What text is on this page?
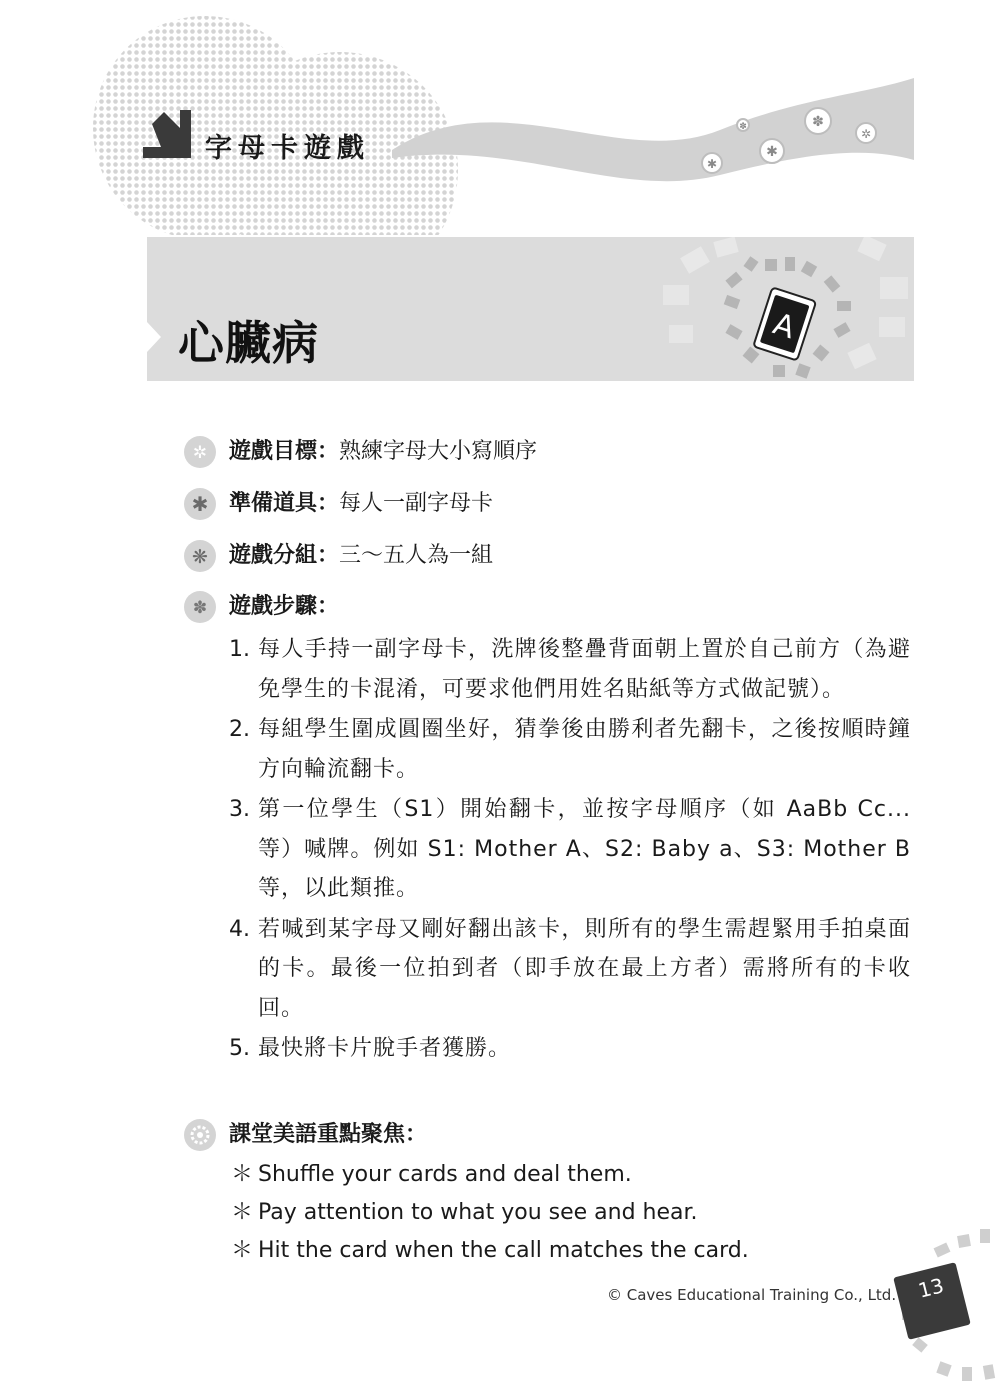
✽
✲
✱
✱
✽
字母卡遊戲
A
心臟病
✲ 遊戲目標：熟練字母大小寫順序
✱ 準備道具：每人一副字母卡
❋ 遊戲分組：三～五人為一組
✽ 遊戲步驟：
1. 每人手持一副字母卡，洗牌後整疊背面朝上置於自己前方（為避免學生的卡混淆，可要求他們用姓名貼紙等方式做記號）。
2. 每組學生圍成圓圈坐好，猜拳後由勝利者先翻卡，之後按順時鐘方向輪流翻卡。
3. 第一位學生（S1）開始翻卡，並按字母順序（如 AaBb Cc...等）喊牌。例如 S1: Mother A、S2: Baby a、S3: Mother B 等，以此類推。
4. 若喊到某字母又剛好翻出該卡，則所有的學生需趕緊用手拍桌面的卡。最後一位拍到者（即手放在最上方者）需將所有的卡收回。
5. 最快將卡片脫手者獲勝。
課堂美語重點聚焦：
＊ Shuffle your cards and deal them.
＊ Pay attention to what you see and hear.
＊ Hit the card when the call matches the card.
© Caves Educational Training Co., Ltd. 13
